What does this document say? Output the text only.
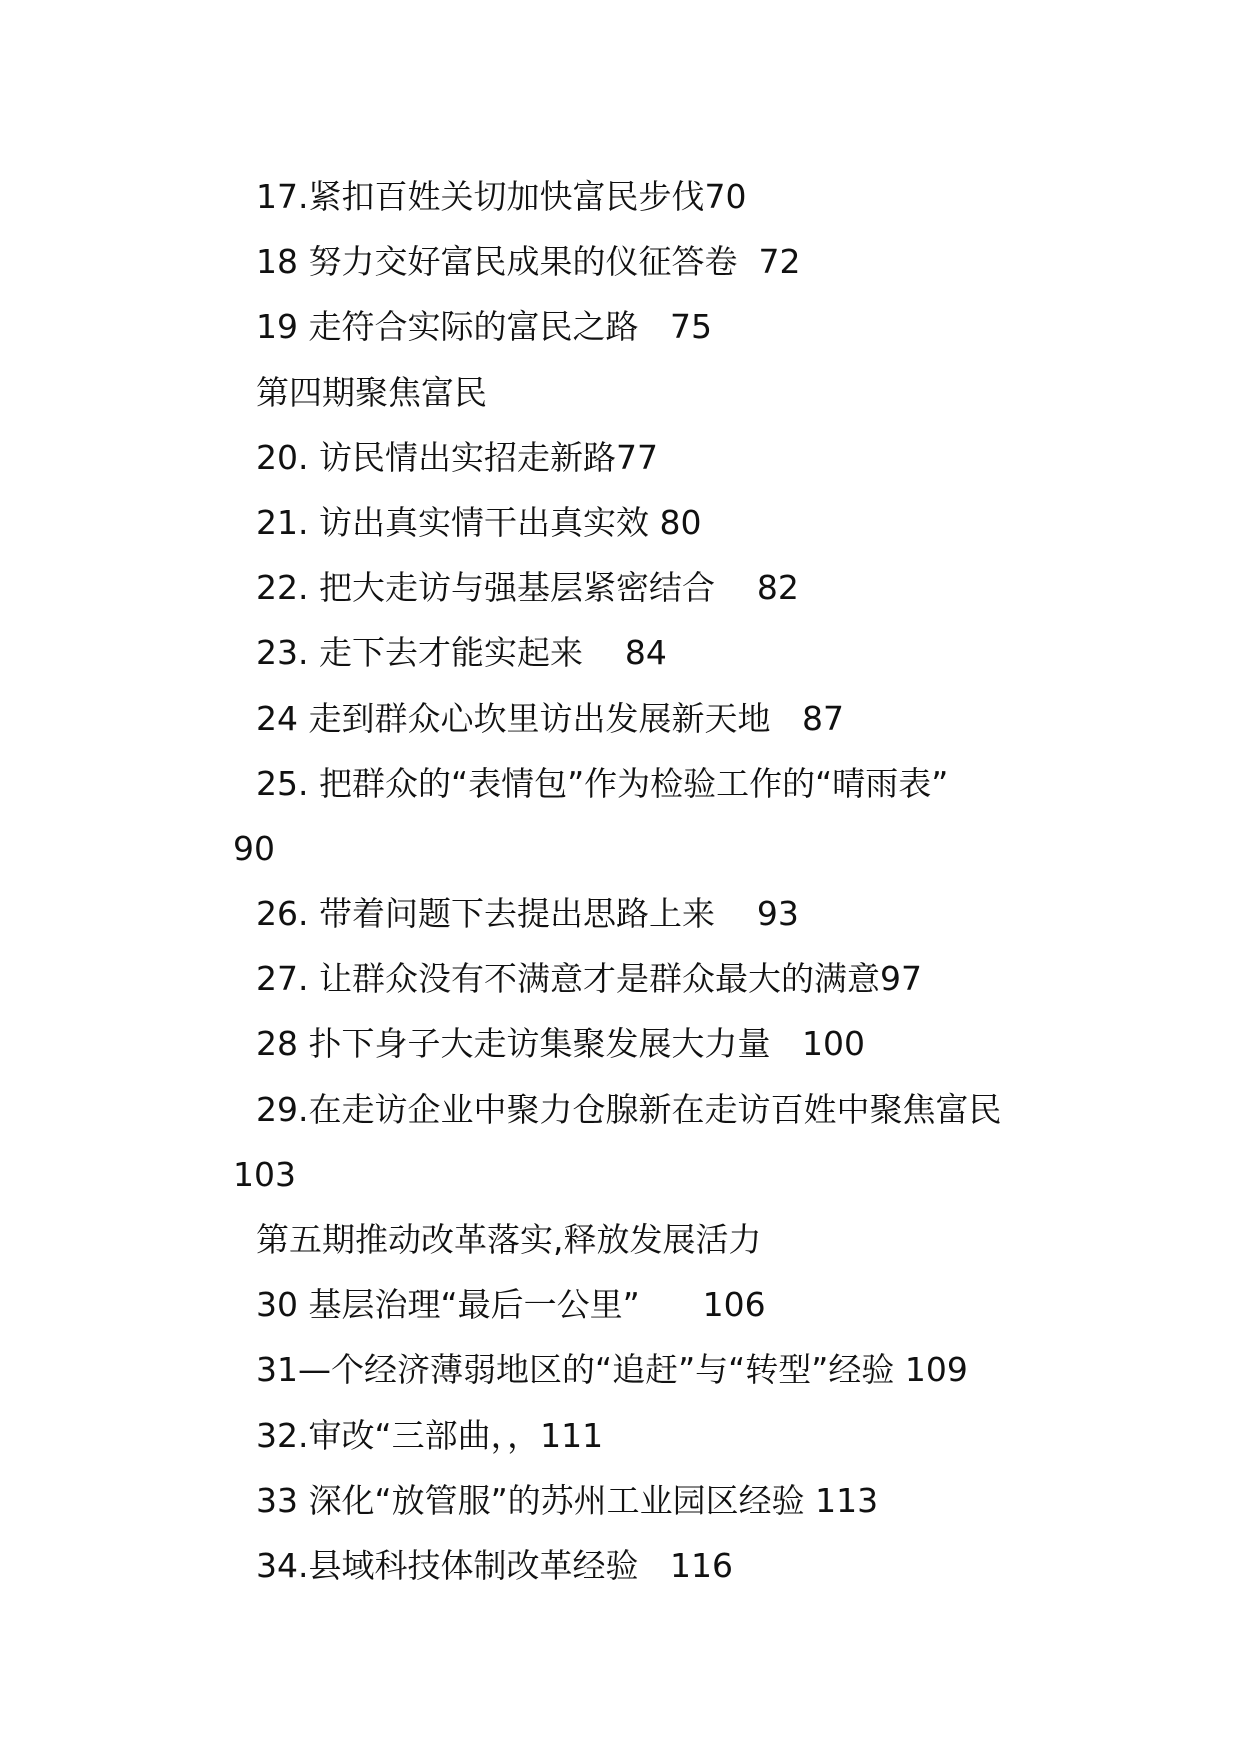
17.紧扣百姓关切加快富民步伐70
18 努力交好富民成果的仪征答卷  72
19 走符合实际的富民之路   75
第四期聚焦富民
20. 访民情出实招走新路77
21. 访出真实情干出真实效 80
22. 把大走访与强基层紧密结合    82
23. 走下去才能实起来    84
24 走到群众心坎里访出发展新天地   87
25. 把群众的“表情包”作为检验工作的“晴雨表”
90
26. 带着问题下去提出思路上来    93
27. 让群众没有不满意才是群众最大的满意97
28 扑下身子大走访集聚发展大力量   100
29.在走访企业中聚力仓腺新在走访百姓中聚焦富民
103
第五期推动改革落实,释放发展活力
30 基层治理“最后一公里”      106
31—个经济薄弱地区的“追赶”与“转型”经验 109
32.审改“三部曲，，111
33 深化“放管服”的苏州工业园区经验 113
34.县域科技体制改革经验   116
